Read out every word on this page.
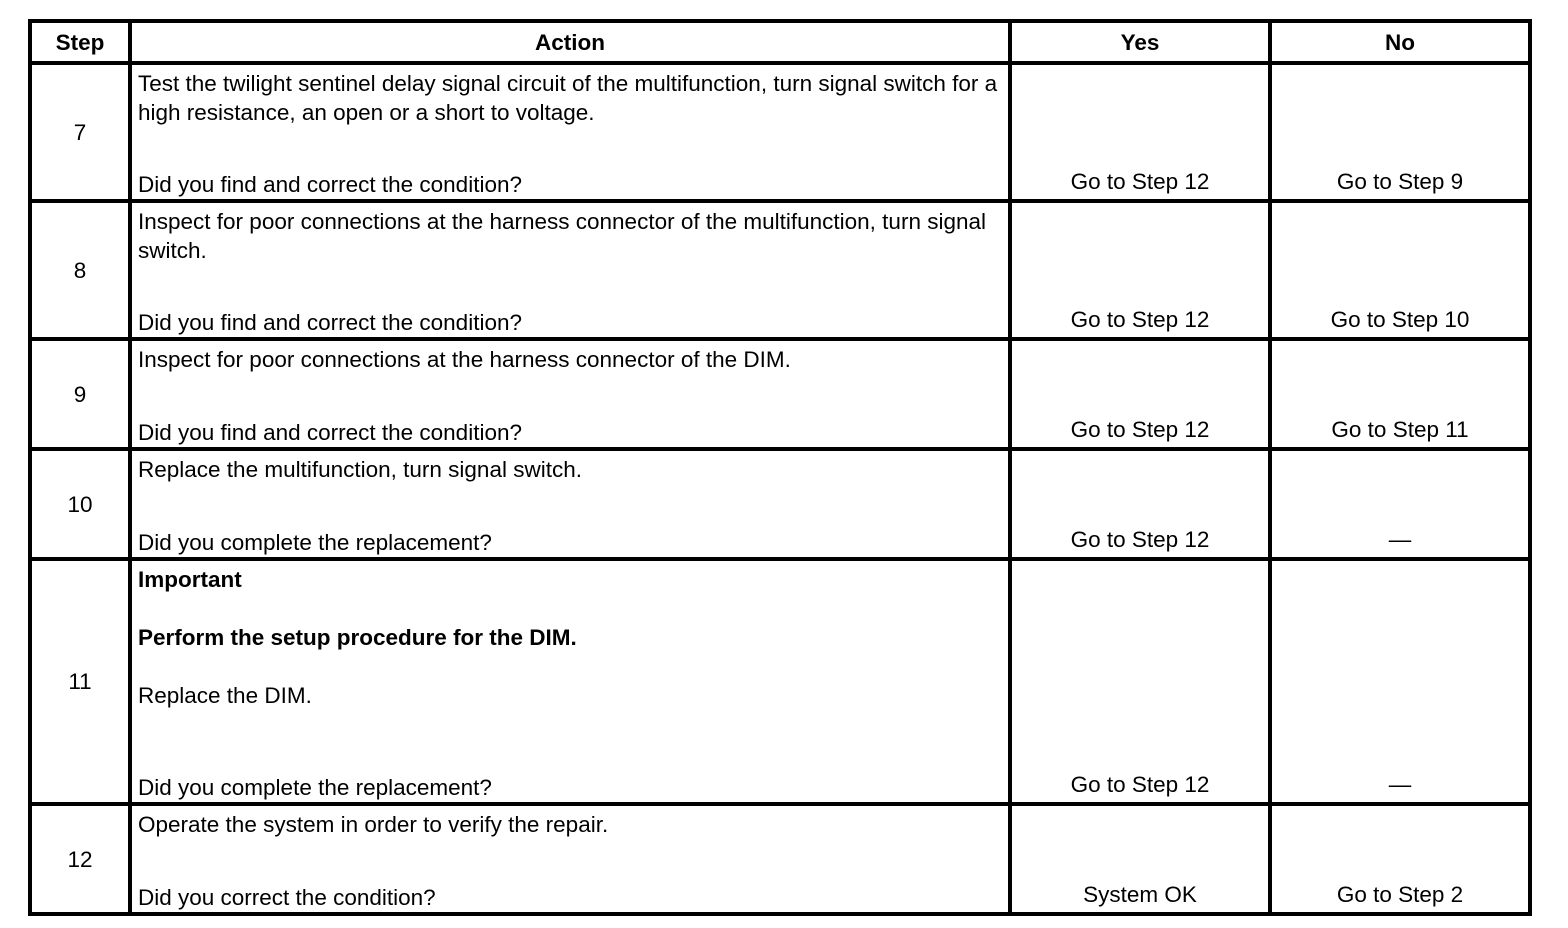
Step	Action	Yes	No
7	Test the twilight sentinel delay signal circuit of the multifunction, turn signal switch for a high resistance, an open or a short to voltage.
Did you find and correct the condition?	Go to Step 12	Go to Step 9
8	Inspect for poor connections at the harness connector of the multifunction, turn signal switch.
Did you find and correct the condition?	Go to Step 12	Go to Step 10
9	Inspect for poor connections at the harness connector of the DIM.
Did you find and correct the condition?	Go to Step 12	Go to Step 11
10	Replace the multifunction, turn signal switch.
Did you complete the replacement?	Go to Step 12	—
11	Important
Perform the setup procedure for the DIM.
Replace the DIM.
Did you complete the replacement?	Go to Step 12	—
12	Operate the system in order to verify the repair.
Did you correct the condition?	System OK	Go to Step 2
